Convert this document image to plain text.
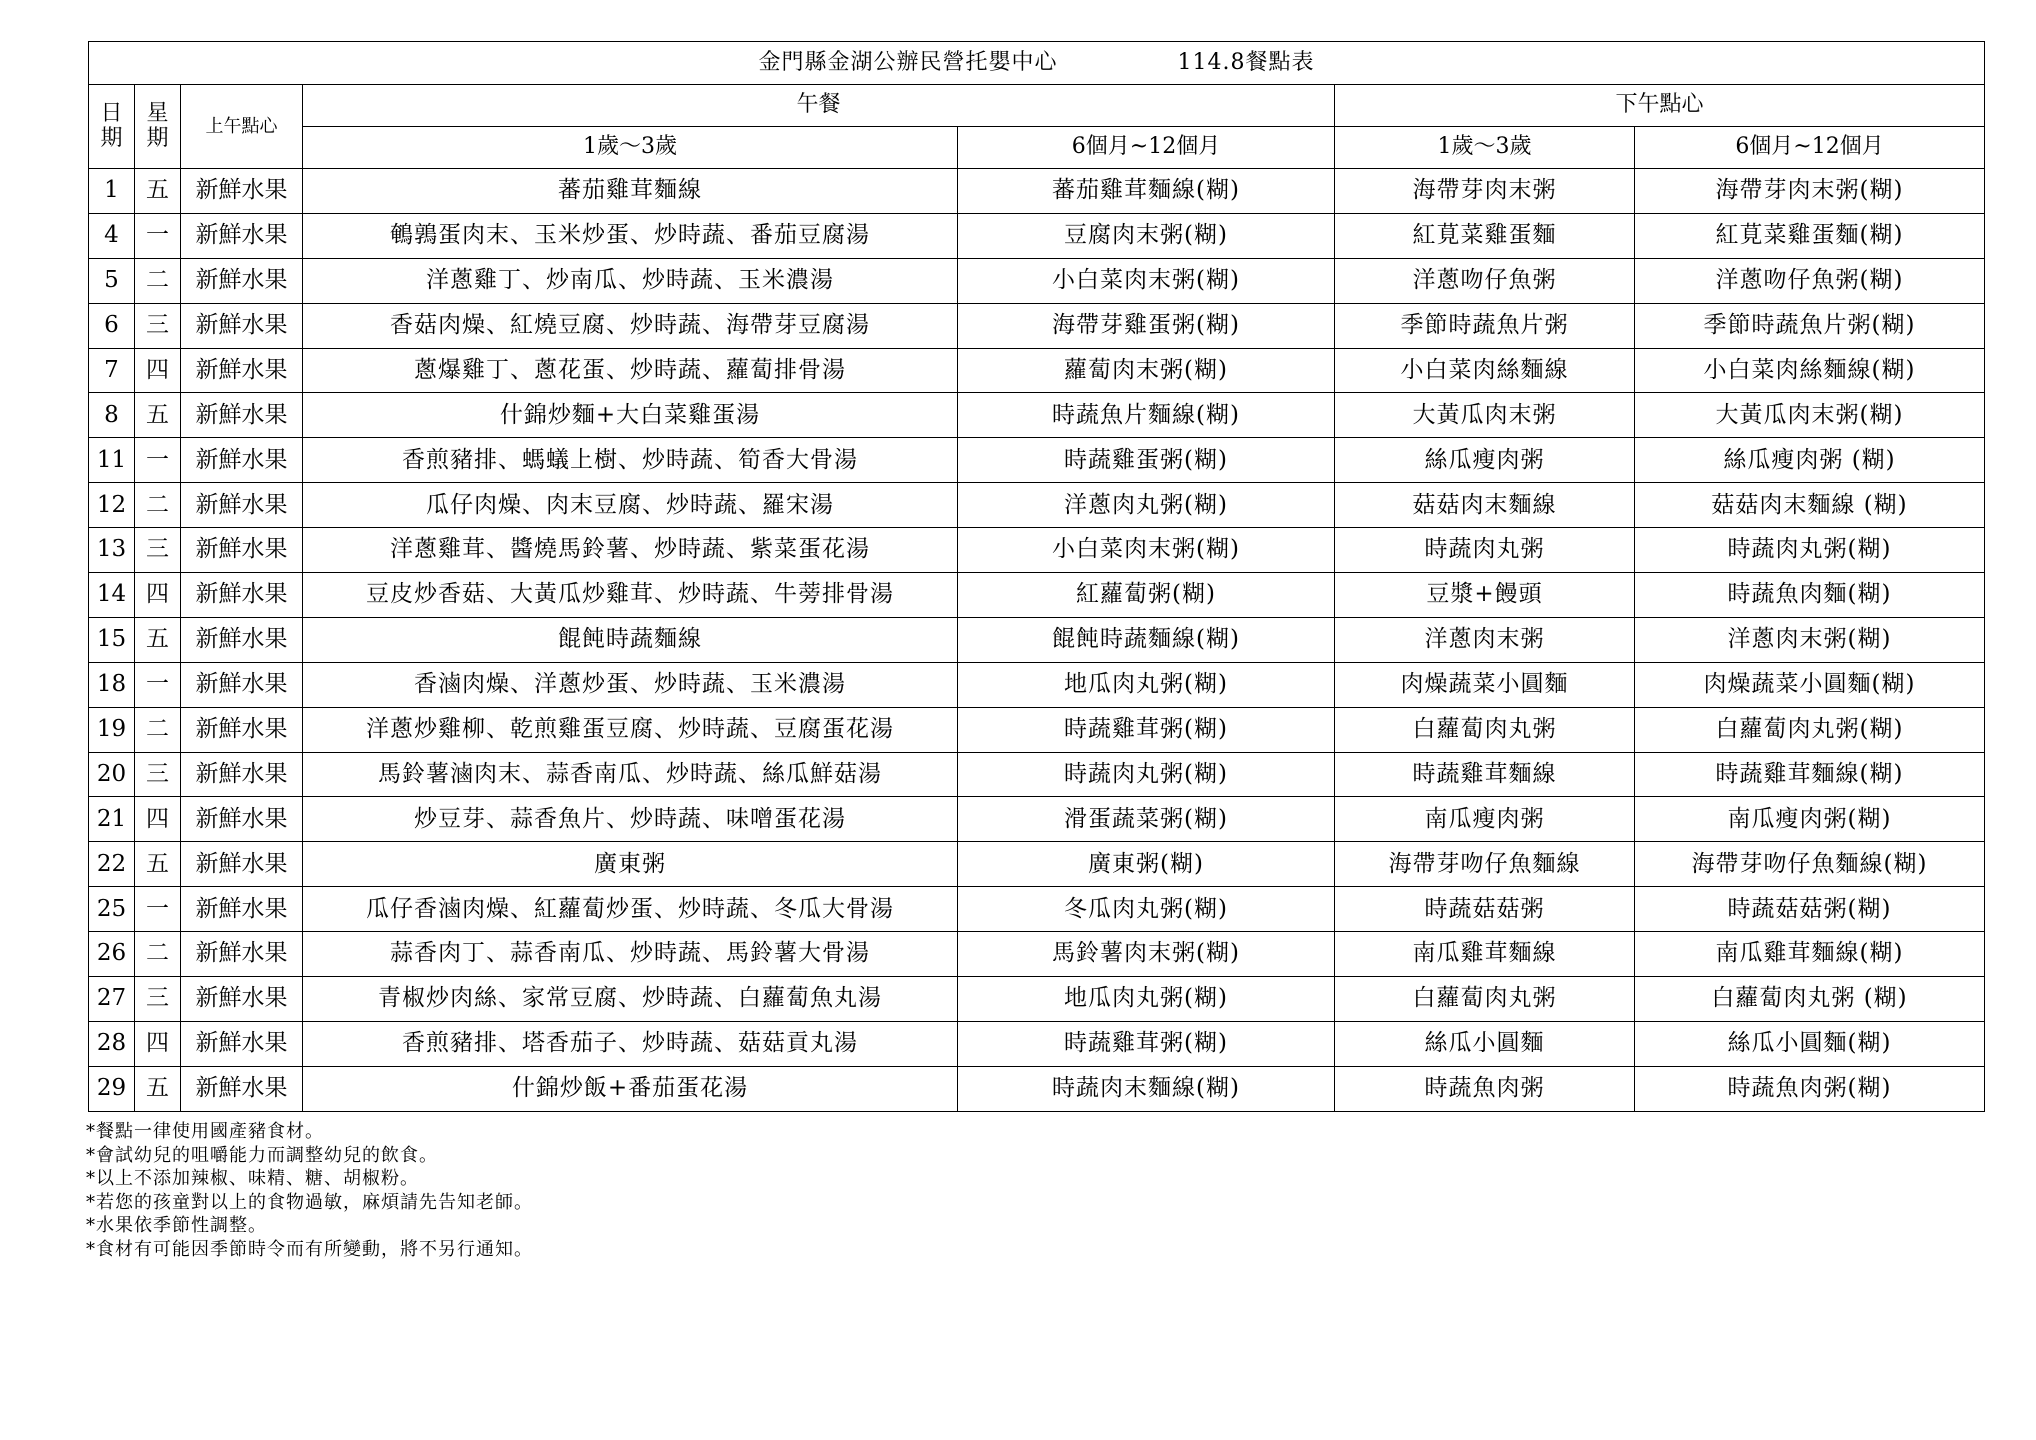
金門縣金湖公辦民營托嬰中心 114.8餐點表						
日
期	星
期	上午點心	午餐		下午點心	
			1歲～3歲	6個月~12個月	1歲～3歲	6個月~12個月
1	五	新鮮水果	蕃茄雞茸麵線	蕃茄雞茸麵線(糊)	海帶芽肉末粥	海帶芽肉末粥(糊)
4	一	新鮮水果	鵪鶉蛋肉末、玉米炒蛋、炒時蔬、番茄豆腐湯	豆腐肉末粥(糊)	紅莧菜雞蛋麵	紅莧菜雞蛋麵(糊)
5	二	新鮮水果	洋蔥雞丁、炒南瓜、炒時蔬、玉米濃湯	小白菜肉末粥(糊)	洋蔥吻仔魚粥	洋蔥吻仔魚粥(糊)
6	三	新鮮水果	香菇肉燥、紅燒豆腐、炒時蔬、海帶芽豆腐湯	海帶芽雞蛋粥(糊)	季節時蔬魚片粥	季節時蔬魚片粥(糊)
7	四	新鮮水果	蔥爆雞丁、蔥花蛋、炒時蔬、蘿蔔排骨湯	蘿蔔肉末粥(糊)	小白菜肉絲麵線	小白菜肉絲麵線(糊)
8	五	新鮮水果	什錦炒麵+大白菜雞蛋湯	時蔬魚片麵線(糊)	大黃瓜肉末粥	大黃瓜肉末粥(糊)
11	一	新鮮水果	香煎豬排、螞蟻上樹、炒時蔬、筍香大骨湯	時蔬雞蛋粥(糊)	絲瓜瘦肉粥	絲瓜瘦肉粥 (糊)
12	二	新鮮水果	瓜仔肉燥、肉末豆腐、炒時蔬、羅宋湯	洋蔥肉丸粥(糊)	菇菇肉末麵線	菇菇肉末麵線 (糊)
13	三	新鮮水果	洋蔥雞茸、醬燒馬鈴薯、炒時蔬、紫菜蛋花湯	小白菜肉末粥(糊)	時蔬肉丸粥	時蔬肉丸粥(糊)
14	四	新鮮水果	豆皮炒香菇、大黃瓜炒雞茸、炒時蔬、牛蒡排骨湯	紅蘿蔔粥(糊)	豆漿+饅頭	時蔬魚肉麵(糊)
15	五	新鮮水果	餛飩時蔬麵線	餛飩時蔬麵線(糊)	洋蔥肉末粥	洋蔥肉末粥(糊)
18	一	新鮮水果	香滷肉燥、洋蔥炒蛋、炒時蔬、玉米濃湯	地瓜肉丸粥(糊)	肉燥蔬菜小圓麵	肉燥蔬菜小圓麵(糊)
19	二	新鮮水果	洋蔥炒雞柳、乾煎雞蛋豆腐、炒時蔬、豆腐蛋花湯	時蔬雞茸粥(糊)	白蘿蔔肉丸粥	白蘿蔔肉丸粥(糊)
20	三	新鮮水果	馬鈴薯滷肉末、蒜香南瓜、炒時蔬、絲瓜鮮菇湯	時蔬肉丸粥(糊)	時蔬雞茸麵線	時蔬雞茸麵線(糊)
21	四	新鮮水果	炒豆芽、蒜香魚片、炒時蔬、味噌蛋花湯	滑蛋蔬菜粥(糊)	南瓜瘦肉粥	南瓜瘦肉粥(糊)
22	五	新鮮水果	廣東粥	廣東粥(糊)	海帶芽吻仔魚麵線	海帶芽吻仔魚麵線(糊)
25	一	新鮮水果	瓜仔香滷肉燥、紅蘿蔔炒蛋、炒時蔬、冬瓜大骨湯	冬瓜肉丸粥(糊)	時蔬菇菇粥	時蔬菇菇粥(糊)
26	二	新鮮水果	蒜香肉丁、蒜香南瓜、炒時蔬、馬鈴薯大骨湯	馬鈴薯肉末粥(糊)	南瓜雞茸麵線	南瓜雞茸麵線(糊)
27	三	新鮮水果	青椒炒肉絲、家常豆腐、炒時蔬、白蘿蔔魚丸湯	地瓜肉丸粥(糊)	白蘿蔔肉丸粥	白蘿蔔肉丸粥 (糊)
28	四	新鮮水果	香煎豬排、塔香茄子、炒時蔬、菇菇貢丸湯	時蔬雞茸粥(糊)	絲瓜小圓麵	絲瓜小圓麵(糊)
29	五	新鮮水果	什錦炒飯+番茄蛋花湯	時蔬肉末麵線(糊)	時蔬魚肉粥	時蔬魚肉粥(糊)
*餐點一律使用國產豬食材。
*會試幼兒的咀嚼能力而調整幼兒的飲食。
*以上不添加辣椒、味精、糖、胡椒粉。
*若您的孩童對以上的食物過敏，麻煩請先告知老師。
*水果依季節性調整。
*食材有可能因季節時令而有所變動，將不另行通知。
